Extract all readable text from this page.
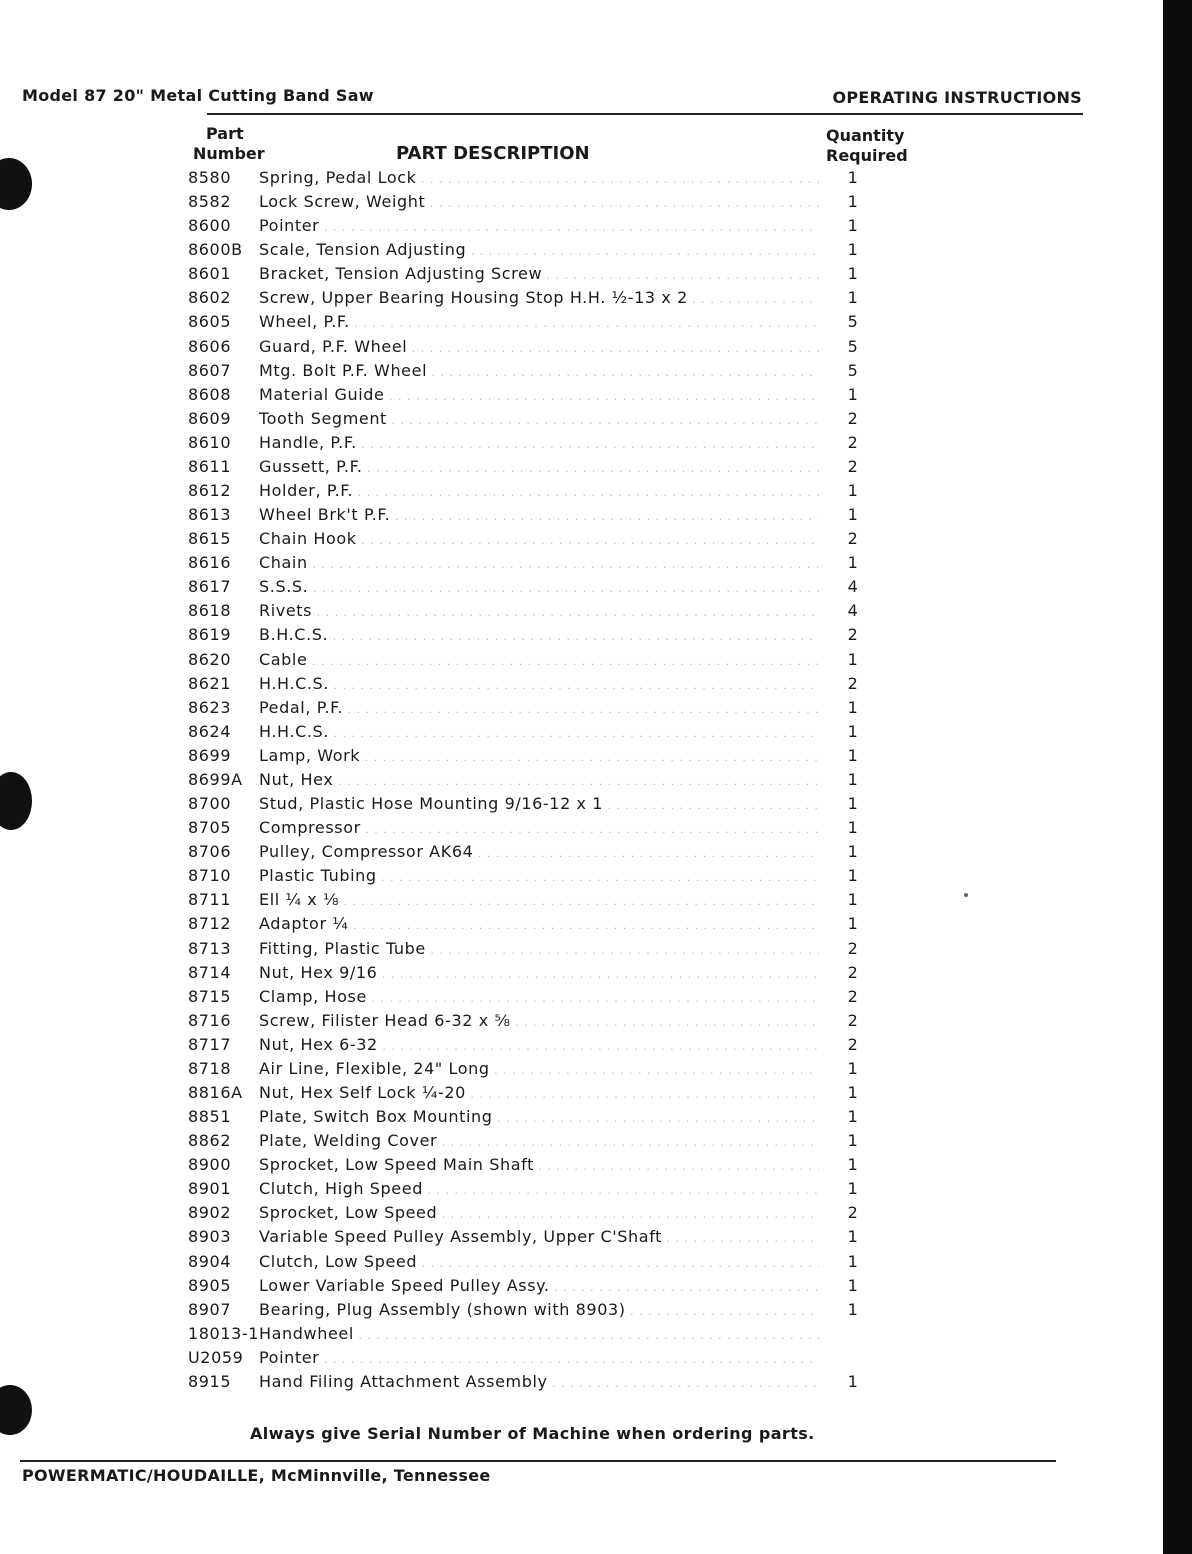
Model 87 20" Metal Cutting Band Saw	OPERATING INSTRUCTIONS
Part
Number	PART DESCRIPTION
Quantity
Required
8580	Spring, Pedal Lock . . .	1
8582	Lock Screw, Weight . . .	1
8600	Pointer . . .	1
8600B	Scale, Tension Adjusting . . .	1
8601	Bracket, Tension Adjusting Screw . . .	1
8602	Screw, Upper Bearing Housing Stop H.H. ½-13 x 2 . . .	1
8605	Wheel, P.F. . . .	5
8606	Guard, P.F. Wheel . . .	5
8607	Mtg. Bolt P.F. Wheel . . .	5
8608	Material Guide . . .	1
8609	Tooth Segment . . .	2
8610	Handle, P.F. . . .	2
8611	Gussett, P.F. . . .	2
8612	Holder, P.F. . . .	1
8613	Wheel Brk't P.F. . . .	1
8615	Chain Hook . . .	2
8616	Chain . . .	1
8617	S.S.S. . . .	4
8618	Rivets . . .	4
8619	B.H.C.S. . . .	2
8620	Cable . . .	1
8621	H.H.C.S. . . .	2
8623	Pedal, P.F. . . .	1
8624	H.H.C.S. . . .	1
8699	Lamp, Work . . .	1
8699A	Nut, Hex . . .	1
8700	Stud, Plastic Hose Mounting 9/16-12 x 1 . . .	1
8705	Compressor . . .	1
8706	Pulley, Compressor AK64 . . .	1
8710	Plastic Tubing . . .	1
8711	Ell ¼ x ⅛ . . .	1
8712	Adaptor ¼ . . .	1
8713	Fitting, Plastic Tube . . .	2
8714	Nut, Hex 9/16 . . .	2
8715	Clamp, Hose . . .	2
8716	Screw, Filister Head 6-32 x ⅝ . . .	2
8717	Nut, Hex 6-32 . . .	2
8718	Air Line, Flexible, 24" Long . . .	1
8816A	Nut, Hex Self Lock ¼-20 . . .	1
8851	Plate, Switch Box Mounting . . .	1
8862	Plate, Welding Cover . . .	1
8900	Sprocket, Low Speed Main Shaft . . .	1
8901	Clutch, High Speed . . .	1
8902	Sprocket, Low Speed . . .	2
8903	Variable Speed Pulley Assembly, Upper C'Shaft . . .	1
8904	Clutch, Low Speed . . .	1
8905	Lower Variable Speed Pulley Assy. . . .	1
8907	Bearing, Plug Assembly (shown with 8903) . . .	1
18013-1 Handwheel . . .
U2059 Pointer . . .
8915	Hand Filing Attachment Assembly . . .	1
Always give Serial Number of Machine when ordering parts.
POWERMATIC/HOUDAILLE, McMinnville, Tennessee
